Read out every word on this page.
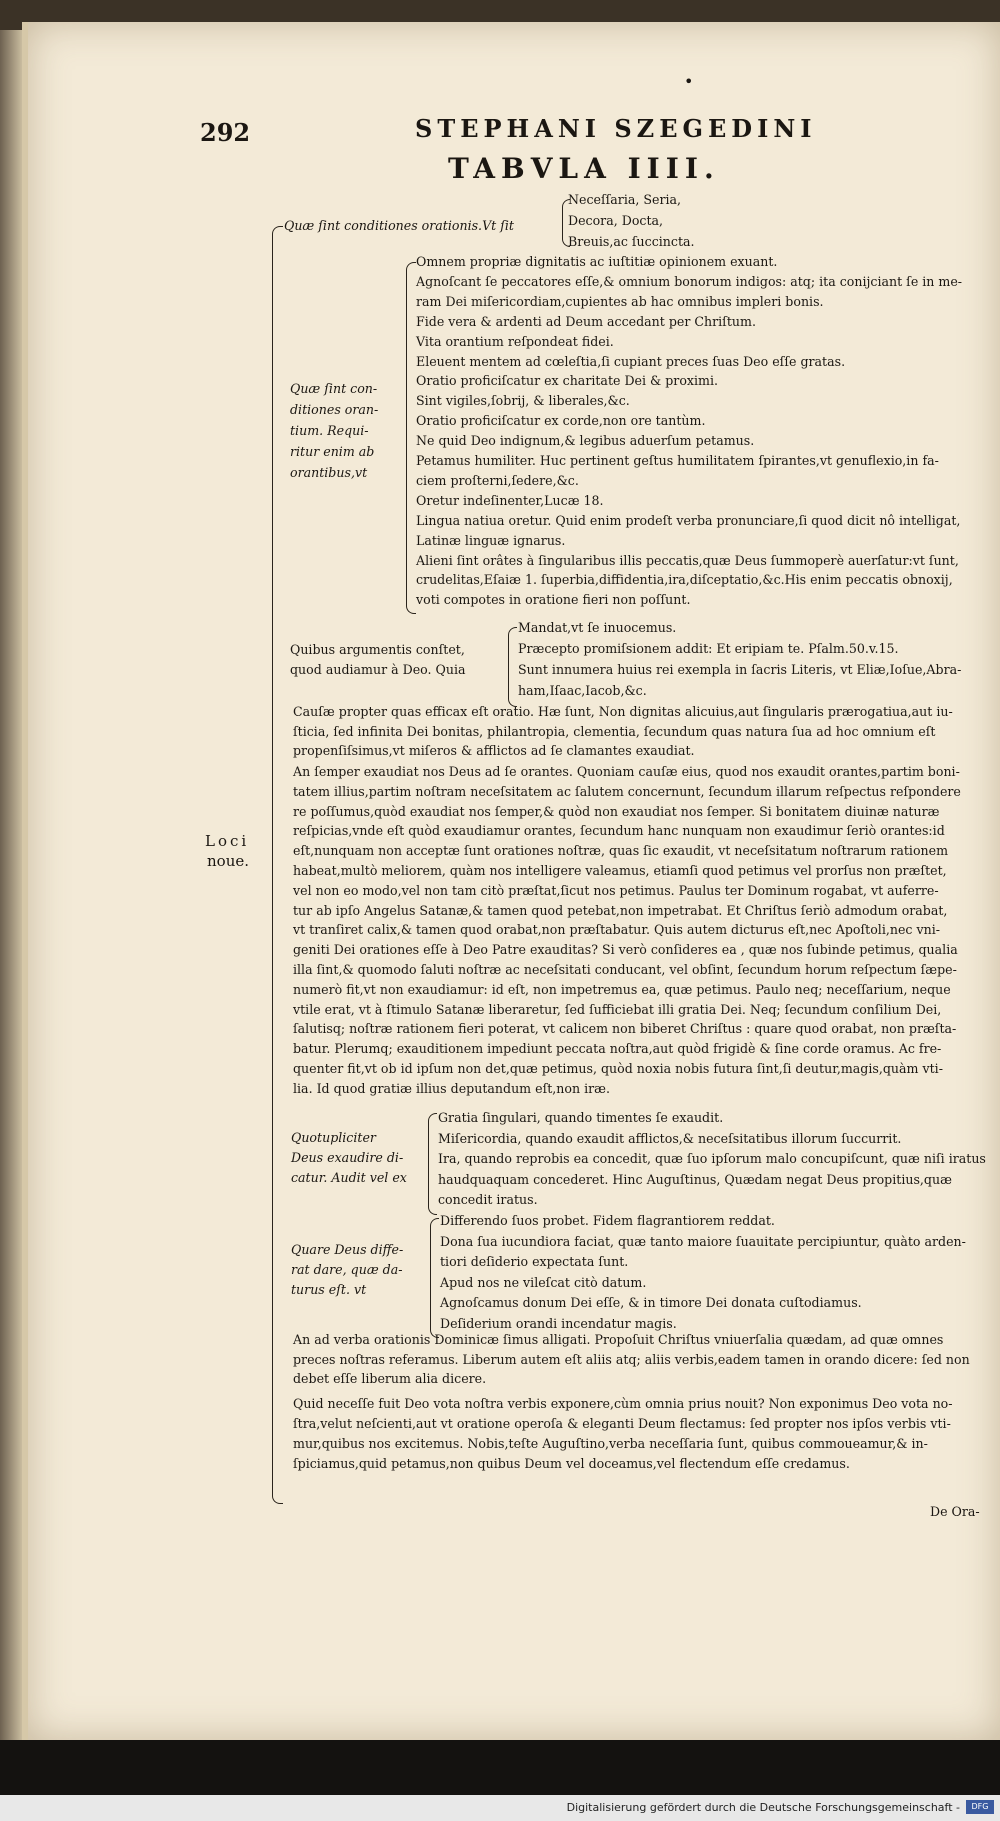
•
292	STEPHANI SZEGEDINI
TABVLA IIII.
Loci
noue.
Quæ ſint conditiones orationis.Vt ſit
Neceſſaria, Seria,
Decora, Docta,
Breuis,ac ſuccincta.
Quæ ſint con-
ditiones oran-
tium. Requi-
ritur enim ab
orantibus,vt
Omnem propriæ dignitatis ac iuſtitiæ opinionem exuant.
Agnoſcant ſe peccatores eſſe,& omnium bonorum indigos: atq; ita conijciant ſe in me-
ram Dei miſericordiam,cupientes ab hac omnibus impleri bonis.
Fide vera & ardenti ad Deum accedant per Chriſtum.
Vita orantium reſpondeat fidei.
Eleuent mentem ad cœleſtia,ſi cupiant preces ſuas Deo eſſe gratas.
Oratio proficiſcatur ex charitate Dei & proximi.
Sint vigiles,ſobrij, & liberales,&c.
Oratio proficiſcatur ex corde,non ore tantùm.
Ne quid Deo indignum,& legibus aduerſum petamus.
Petamus humiliter. Huc pertinent geſtus humilitatem ſpirantes,vt genuflexio,in fa-
ciem proſterni,ſedere,&c.
Oretur indeſinenter,Lucæ 18.
Lingua natiua oretur. Quid enim prodeſt verba pronunciare,ſi quod dicit nô intelligat,
Latinæ linguæ ignarus.
Alieni ſint orâtes à ſingularibus illis peccatis,quæ Deus ſummoperè auerſatur:vt ſunt,
crudelitas,Eſaiæ 1. ſuperbia,diffidentia,ira,diſceptatio,&c.His enim peccatis obnoxij,
voti compotes in oratione fieri non poſſunt.
Quibus argumentis conſtet,
quod audiamur à Deo. Quia
Mandat,vt ſe inuocemus.
Præcepto promiſsionem addit: Et eripiam te. Pſalm.50.v.15.
Sunt innumera huius rei exempla in ſacris Literis, vt Eliæ,Ioſue,Abra-
ham,Iſaac,Iacob,&c.
Cauſæ propter quas efficax eſt oratio. Hæ ſunt, Non dignitas alicuius,aut ſingularis prærogatiua,aut iu-
ſticia, ſed infinita Dei bonitas, philantropia, clementia, ſecundum quas natura ſua ad hoc omnium eſt
propenſiſsimus,vt miſeros & afflictos ad ſe clamantes exaudiat.
An ſemper exaudiat nos Deus ad ſe orantes. Quoniam cauſæ eius, quod nos exaudit orantes,partim boni-
tatem illius,partim noſtram neceſsitatem ac ſalutem concernunt, ſecundum illarum reſpectus reſpondere
re poſſumus,quòd exaudiat nos ſemper,& quòd non exaudiat nos ſemper. Si bonitatem diuinæ naturæ
reſpicias,vnde eſt quòd exaudiamur orantes, ſecundum hanc nunquam non exaudimur ſeriò orantes:id
eſt,nunquam non acceptæ ſunt orationes noſtræ, quas ſic exaudit, vt neceſsitatum noſtrarum rationem
habeat,multò meliorem, quàm nos intelligere valeamus, etiamſi quod petimus vel prorſus non præſtet,
vel non eo modo,vel non tam citò præſtat,ſicut nos petimus. Paulus ter Dominum rogabat, vt auferre-
tur ab ipſo Angelus Satanæ,& tamen quod petebat,non impetrabat. Et Chriſtus ſeriò admodum orabat,
vt tranſiret calix,& tamen quod orabat,non præſtabatur. Quis autem dicturus eſt,nec Apoſtoli,nec vni-
geniti Dei orationes eſſe à Deo Patre exauditas? Si verò conſideres ea , quæ nos ſubinde petimus, qualia
illa ſint,& quomodo ſaluti noſtræ ac neceſsitati conducant, vel obſint, ſecundum horum reſpectum ſæpe-
numerò fit,vt non exaudiamur: id eſt, non impetremus ea, quæ petimus. Paulo neq; neceſſarium, neque
vtile erat, vt à ſtimulo Satanæ liberaretur, ſed ſufficiebat illi gratia Dei. Neq; ſecundum conſilium Dei,
ſalutisq; noſtræ rationem fieri poterat, vt calicem non biberet Chriſtus : quare quod orabat, non præſta-
batur. Plerumq; exauditionem impediunt peccata noſtra,aut quòd frigidè & ſine corde oramus. Ac fre-
quenter fit,vt ob id ipſum non det,quæ petimus, quòd noxia nobis futura ſint,ſi deutur,magis,quàm vti-
lia. Id quod gratiæ illius deputandum eſt,non iræ.
Quotupliciter
Deus exaudire di-
catur. Audit vel ex
Gratia ſingulari, quando timentes ſe exaudit.
Miſericordia, quando exaudit afflictos,& neceſsitatibus illorum ſuccurrit.
Ira, quando reprobis ea concedit, quæ ſuo ipſorum malo concupiſcunt, quæ niſi iratus
haudquaquam concederet. Hinc Auguſtinus, Quædam negat Deus propitius,quæ
concedit iratus.
Quare Deus diffe-
rat dare, quæ da-
turus eſt. vt
Differendo ſuos probet. Fidem flagrantiorem reddat.
Dona ſua iucundiora faciat, quæ tanto maiore ſuauitate percipiuntur, quàto arden-
tiori deſiderio expectata ſunt.
Apud nos ne vileſcat citò datum.
Agnoſcamus donum Dei eſſe, & in timore Dei donata cuſtodiamus.
Deſiderium orandi incendatur magis.
An ad verba orationis Dominicæ ſimus alligati. Propoſuit Chriſtus vniuerſalia quædam, ad quæ omnes
preces noſtras referamus. Liberum autem eſt aliis atq; aliis verbis,eadem tamen in orando dicere: ſed non
debet eſſe liberum alia dicere.
Quid neceſſe fuit Deo vota noſtra verbis exponere,cùm omnia prius nouit? Non exponimus Deo vota no-
ſtra,velut neſcienti,aut vt oratione operoſa & eleganti Deum flectamus: ſed propter nos ipſos verbis vti-
mur,quibus nos excitemus. Nobis,teſte Auguſtino,verba neceſſaria ſunt, quibus commoueamur,& in-
ſpiciamus,quid petamus,non quibus Deum vel doceamus,vel flectendum eſſe credamus.
De Ora-
Digitalisierung gefördert durch die Deutsche Forschungsgemeinschaft -	DFG
